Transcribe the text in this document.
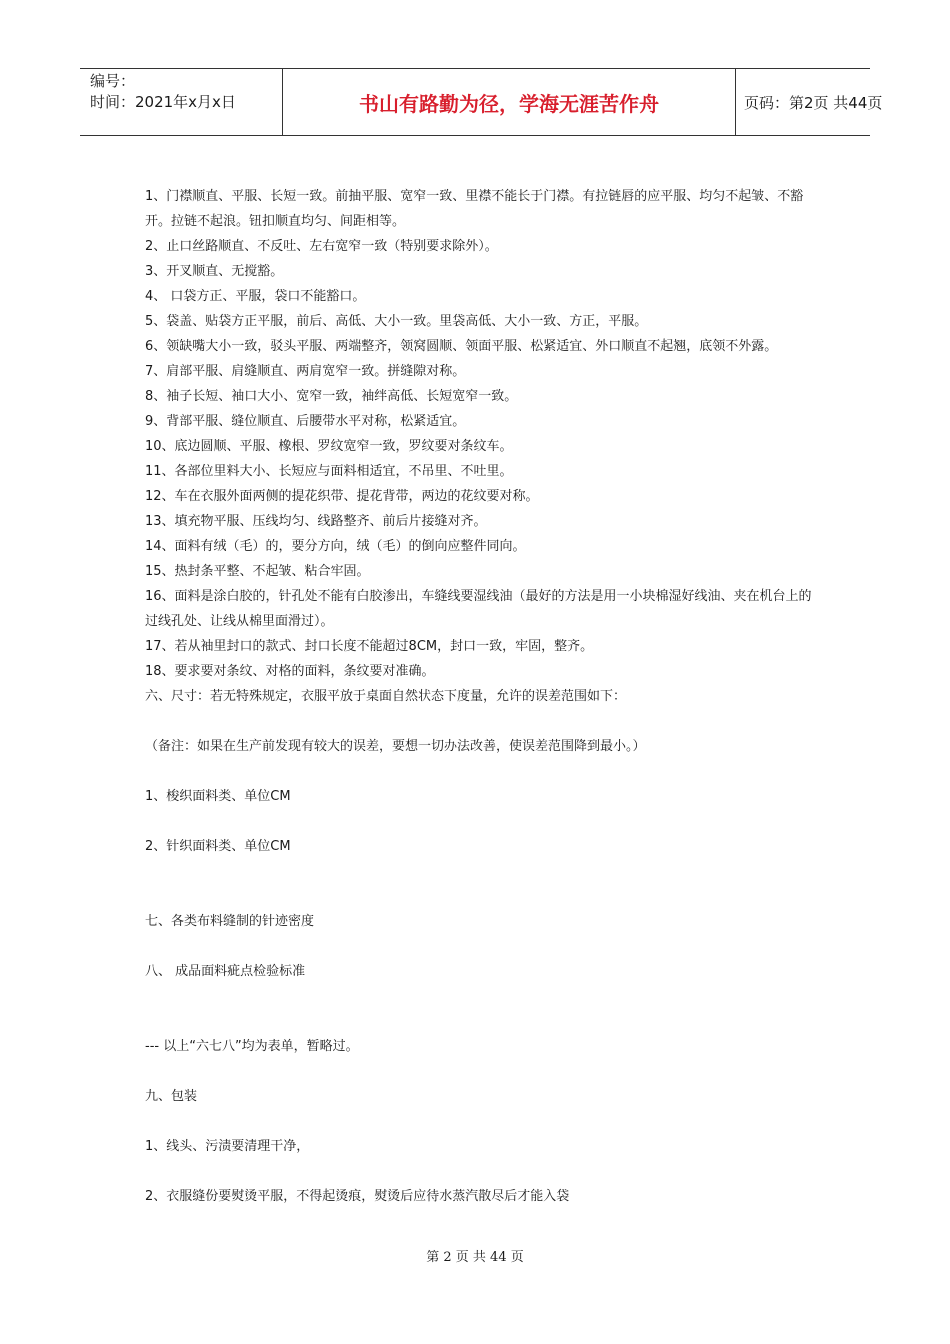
编号：
时间：2021年x月x日	书山有路勤为径，学海无涯苦作舟	页码：第2页 共44页

1、门襟顺直、平服、长短一致。前抽平服、宽窄一致、里襟不能长于门襟。有拉链唇的应平服、均匀不起皱、不豁开。拉链不起浪。钮扣顺直均匀、间距相等。

2、止口丝路顺直、不反吐、左右宽窄一致（特别要求除外）。

3、开叉顺直、无搅豁。

4、 口袋方正、平服，袋口不能豁口。

5、袋盖、贴袋方正平服，前后、高低、大小一致。里袋高低、大小一致、方正，平服。

6、领缺嘴大小一致，驳头平服、两端整齐，领窝圆顺、领面平服、松紧适宜、外口顺直不起翘，底领不外露。

7、肩部平服、肩缝顺直、两肩宽窄一致。拼缝隙对称。

8、袖子长短、袖口大小、宽窄一致，袖绊高低、长短宽窄一致。

9、背部平服、缝位顺直、后腰带水平对称，松紧适宜。

10、底边圆顺、平服、橡根、罗纹宽窄一致，罗纹要对条纹车。

11、各部位里料大小、长短应与面料相适宜，不吊里、不吐里。

12、车在衣服外面两侧的提花织带、提花背带，两边的花纹要对称。

13、填充物平服、压线均匀、线路整齐、前后片接缝对齐。

14、面料有绒（毛）的，要分方向，绒（毛）的倒向应整件同向。

15、热封条平整、不起皱、粘合牢固。

16、面料是涂白胶的，针孔处不能有白胶渗出，车缝线要湿线油（最好的方法是用一小块棉湿好线油、夹在机台上的过线孔处、让线从棉里面滑过）。

17、若从袖里封口的款式、封口长度不能超过8CM，封口一致，牢固，整齐。

18、要求要对条纹、对格的面料，条纹要对准确。

六、尺寸：若无特殊规定，衣服平放于桌面自然状态下度量，允许的误差范围如下：

（备注：如果在生产前发现有较大的误差，要想一切办法改善，使误差范围降到最小。）

1、梭织面料类、单位CM

2、针织面料类、单位CM

七、各类布料缝制的针迹密度

八、 成品面料疵点检验标准

--- 以上“六七八”均为表单，暂略过。

九、包装

1、线头、污渍要清理干净，

2、衣服缝份要熨烫平服，不得起烫痕，熨烫后应待水蒸汽散尽后才能入袋

第 2 页 共 44 页
